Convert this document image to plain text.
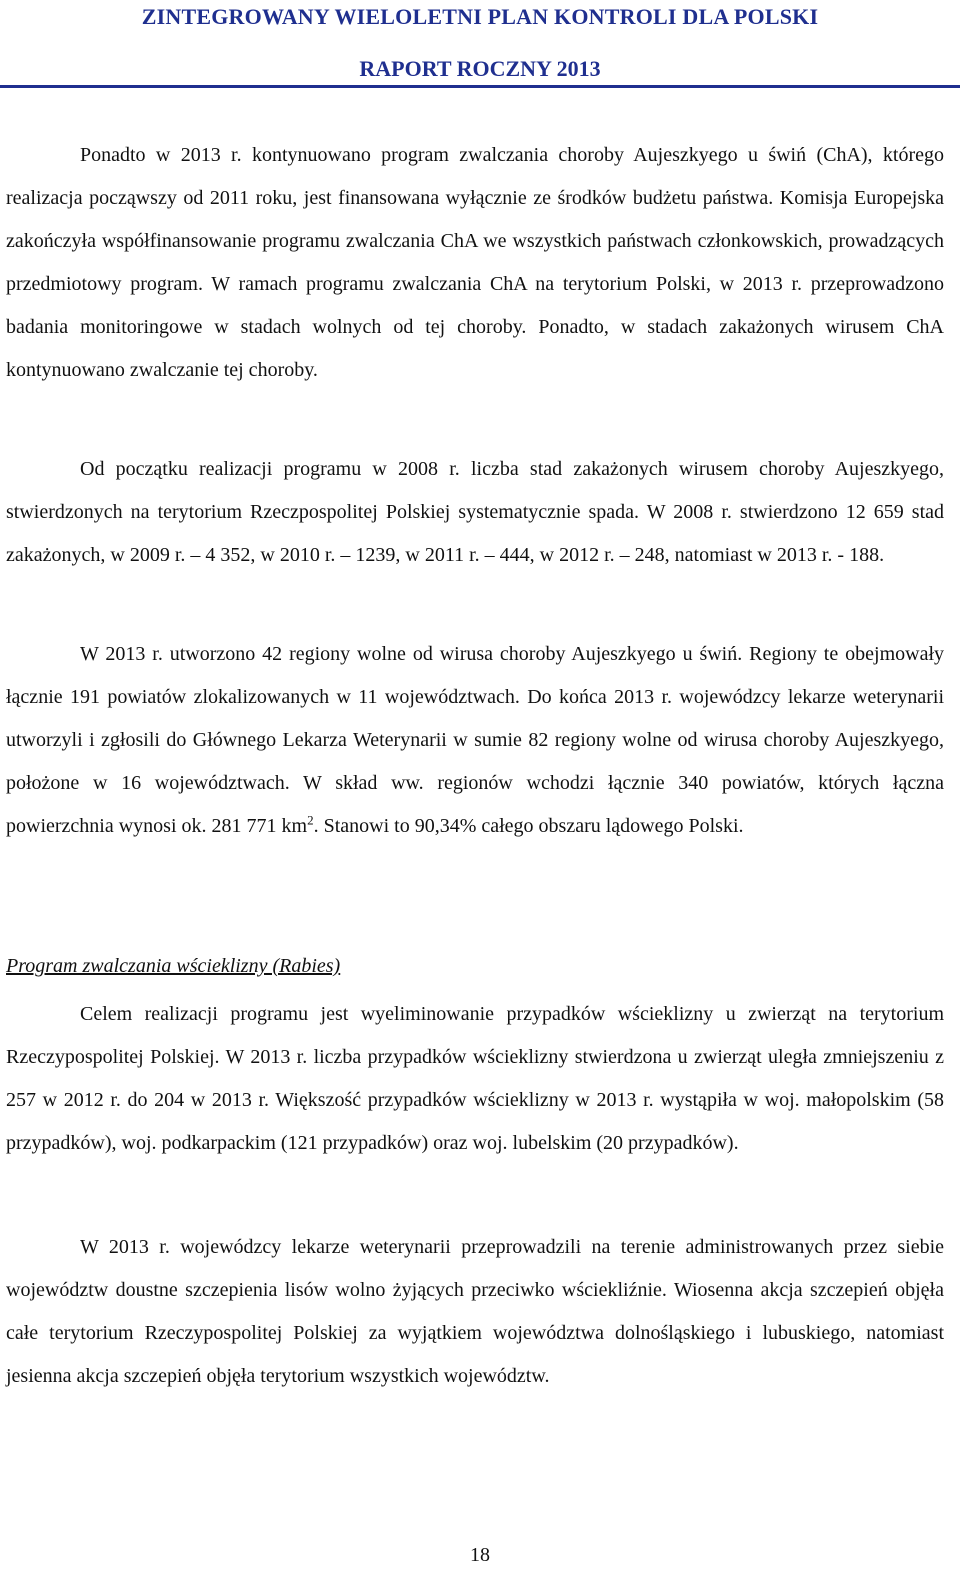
ZINTEGROWANY WIELOLETNI PLAN KONTROLI DLA POLSKI
RAPORT ROCZNY 2013

Ponadto w 2013 r. kontynuowano program zwalczania choroby Aujeszkyego u świń (ChA), którego realizacja począwszy od 2011 roku, jest finansowana wyłącznie ze środków budżetu państwa. Komisja Europejska zakończyła współfinansowanie programu zwalczania ChA we wszystkich państwach członkowskich, prowadzących przedmiotowy program. W ramach programu zwalczania ChA na terytorium Polski, w 2013 r. przeprowadzono badania monitoringowe w stadach wolnych od tej choroby. Ponadto, w stadach zakażonych wirusem ChA kontynuowano zwalczanie tej choroby.

Od początku realizacji programu w 2008 r. liczba stad zakażonych wirusem choroby Aujeszkyego, stwierdzonych na terytorium Rzeczpospolitej Polskiej systematycznie spada. W 2008 r. stwierdzono 12 659 stad zakażonych, w 2009 r. – 4 352, w 2010 r. – 1239, w 2011 r. – 444, w 2012 r. – 248, natomiast w 2013 r. - 188.

W 2013 r. utworzono 42 regiony wolne od wirusa choroby Aujeszkyego u świń. Regiony te obejmowały łącznie 191 powiatów zlokalizowanych w 11 województwach. Do końca 2013 r. wojewódzcy lekarze weterynarii utworzyli i zgłosili do Głównego Lekarza Weterynarii w sumie 82 regiony wolne od wirusa choroby Aujeszkyego, położone w 16 województwach. W skład ww. regionów wchodzi łącznie 340 powiatów, których łączna powierzchnia wynosi ok. 281 771 $km^2$. Stanowi to 90,34% całego obszaru lądowego Polski.

Program zwalczania wścieklizny (Rabies)

Celem realizacji programu jest wyeliminowanie przypadków wścieklizny u zwierząt na terytorium Rzeczypospolitej Polskiej. W 2013 r. liczba przypadków wścieklizny stwierdzona u zwierząt uległa zmniejszeniu z 257 w 2012 r. do 204 w 2013 r. Większość przypadków wścieklizny w 2013 r. wystąpiła w woj. małopolskim (58 przypadków), woj. podkarpackim (121 przypadków) oraz woj. lubelskim (20 przypadków).

W 2013 r. wojewódzcy lekarze weterynarii przeprowadzili na terenie administrowanych przez siebie województw doustne szczepienia lisów wolno żyjących przeciwko wściekliźnie. Wiosenna akcja szczepień objęła całe terytorium Rzeczypospolitej Polskiej za wyjątkiem województwa dolnośląskiego i lubuskiego, natomiast jesienna akcja szczepień objęła terytorium wszystkich województw.

18
